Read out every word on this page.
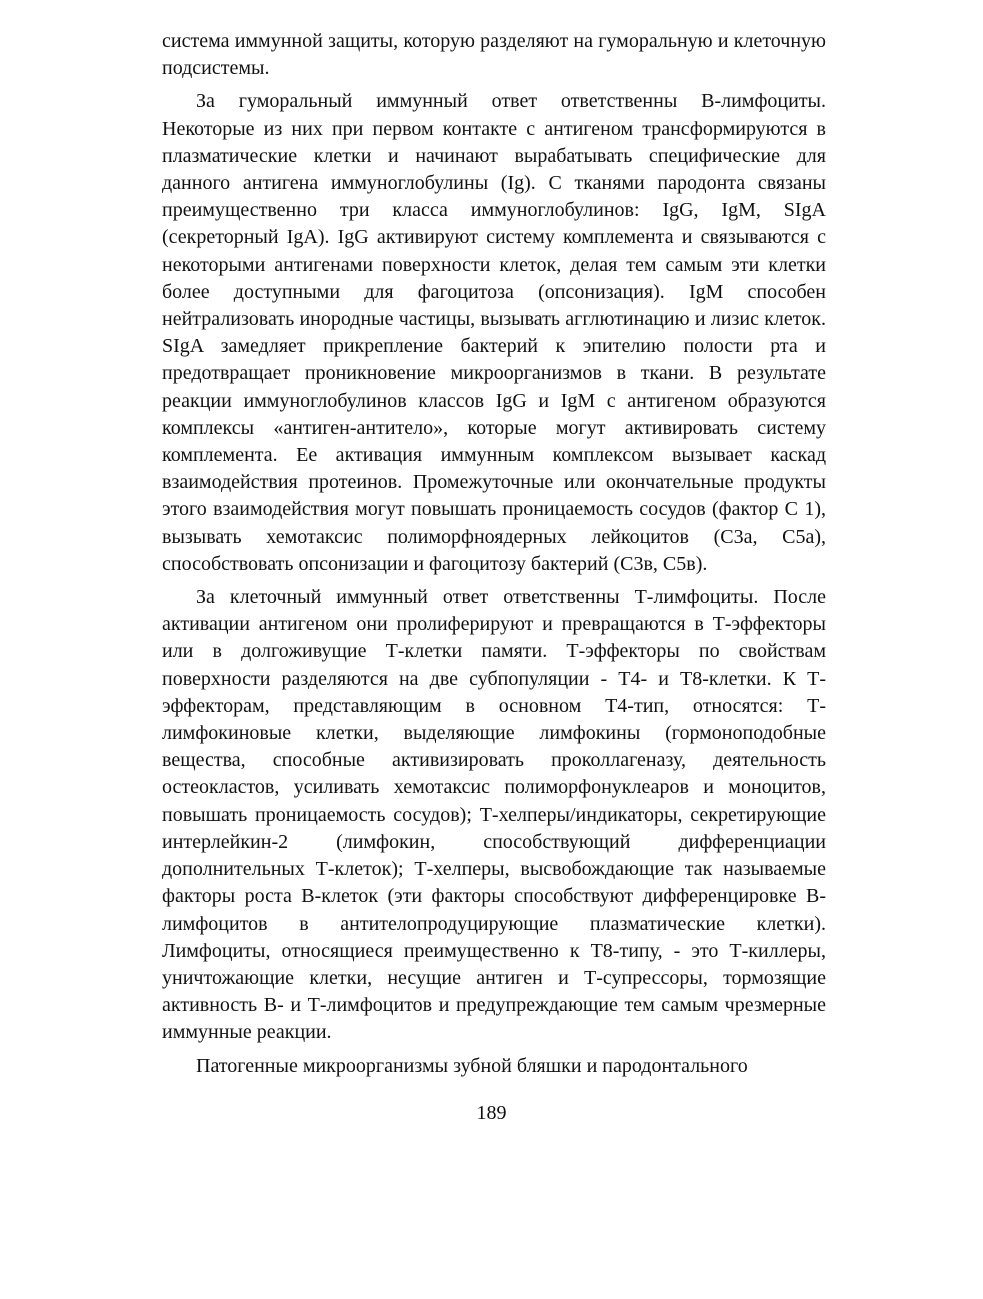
система иммунной защиты, которую разделяют на гуморальную и клеточную подсистемы.

За гуморальный иммунный ответ ответственны В-лимфоциты. Некоторые из них при первом контакте с антигеном трансформируются в плазматические клетки и начинают вырабатывать специфические для данного антигена иммуноглобулины (Ig). С тканями пародонта связаны преимущественно три класса иммуноглобулинов: IgG, IgM, SIgA (секреторный IgA). IgG активируют систему комплемента и связываются с некоторыми антигенами поверхности клеток, делая тем самым эти клетки более доступными для фагоцитоза (опсонизация). IgM способен нейтрализовать инородные частицы, вызывать агглютинацию и лизис клеток. SIgA замедляет прикрепление бактерий к эпителию полости рта и предотвращает проникновение микроорганизмов в ткани. В результате реакции иммуноглобулинов классов IgG и IgM с антигеном образуются комплексы «антиген-антитело», которые могут активировать систему комплемента. Ее активация иммунным комплексом вызывает каскад взаимодействия протеинов. Промежуточные или окончательные продукты этого взаимодействия могут повышать проницаемость сосудов (фактор С 1), вызывать хемотаксис полиморфноядерных лейкоцитов (С3а, С5а), способствовать опсонизации и фагоцитозу бактерий (С3в, С5в).

За клеточный иммунный ответ ответственны Т-лимфоциты. После активации антигеном они пролиферируют и превращаются в Т-эффекторы или в долгоживущие Т-клетки памяти. Т-эффекторы по свойствам поверхности разделяются на две субпопуляции - Т4- и Т8-клетки. К Т-эффекторам, представляющим в основном Т4-тип, относятся: Т-лимфокиновые клетки, выделяющие лимфокины (гормоноподобные вещества, способные активизировать проколлагеназу, деятельность остеокластов, усиливать хемотаксис полиморфонуклеаров и моноцитов, повышать проницаемость сосудов); Т-хелперы/индикаторы, секретирующие интерлейкин-2 (лимфокин, способствующий дифференциации дополнительных Т-клеток); Т-хелперы, высвобождающие так называемые факторы роста В-клеток (эти факторы способствуют дифференцировке В-лимфоцитов в антителопродуцирующие плазматические клетки). Лимфоциты, относящиеся преимущественно к Т8-типу, - это Т-киллеры, уничтожающие клетки, несущие антиген и Т-супрессоры, тормозящие активность В- и Т-лимфоцитов и предупреждающие тем самым чрезмерные иммунные реакции.

Патогенные микроорганизмы зубной бляшки и пародонтального

189
